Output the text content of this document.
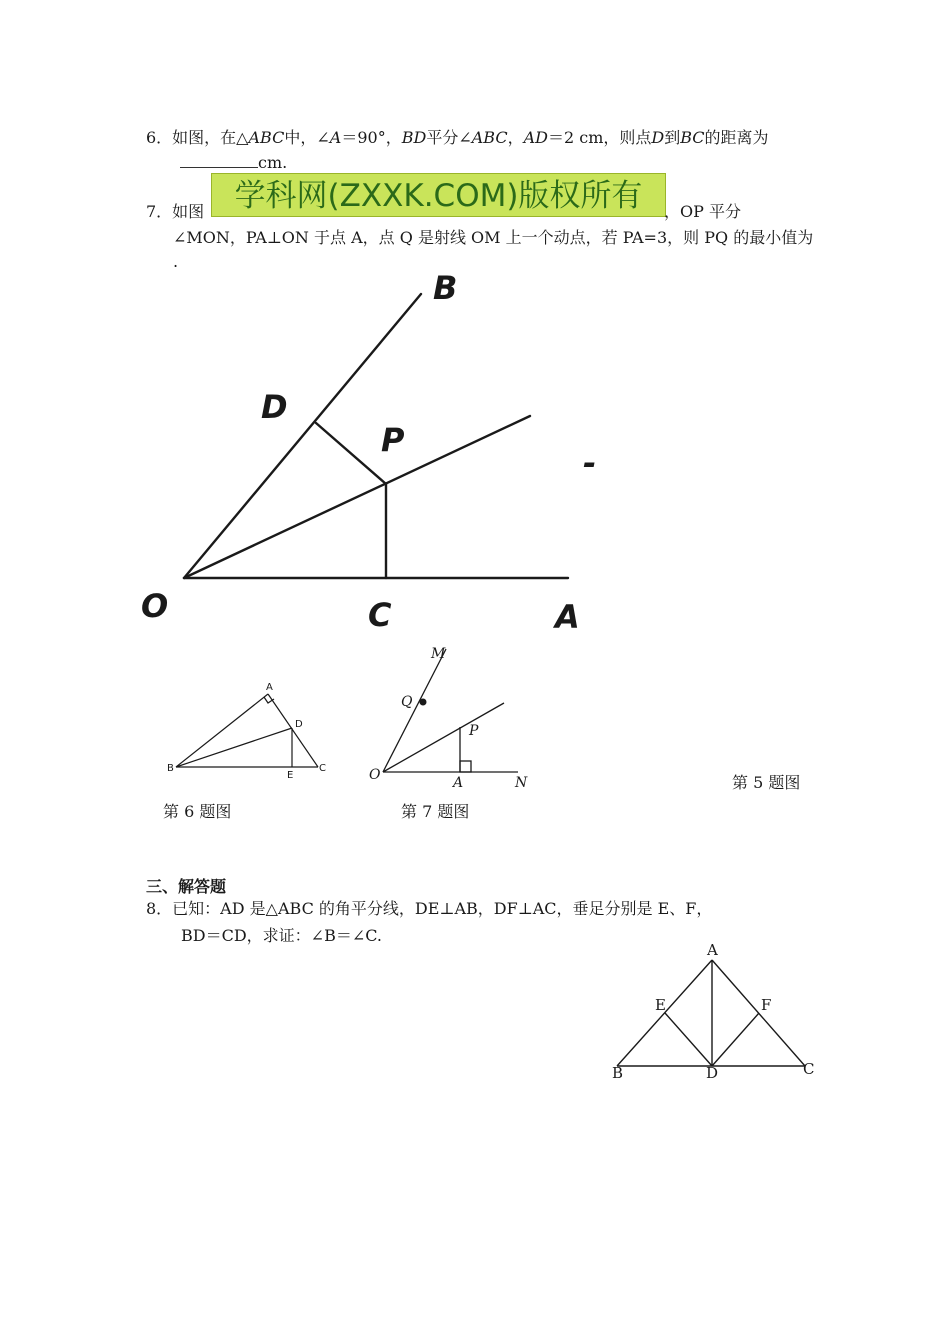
6．如图，在△ABC中，∠A＝90°，BD平分∠ABC，AD＝2 cm，则点D到BC的距离为
cm.
7．如图 学科网(ZXXK.COM)版权所有	，OP 平分
∠MON，PA⊥ON 于点 A，点 Q 是射线 OM 上一个动点，若 PA=3，则 PQ 的最小值为
.
B
D
P
O	C	A
-
A
D
B
E
C
M
Q
P
O	A	N	第 5 题图
第 6 题图	第 7 题图
三、解答题
8．已知：AD 是△ABC 的角平分线，DE⊥AB，DF⊥AC，垂足分别是 E、F，
BD＝CD，求证：∠B＝∠C.
A
E	F
B	D	C
